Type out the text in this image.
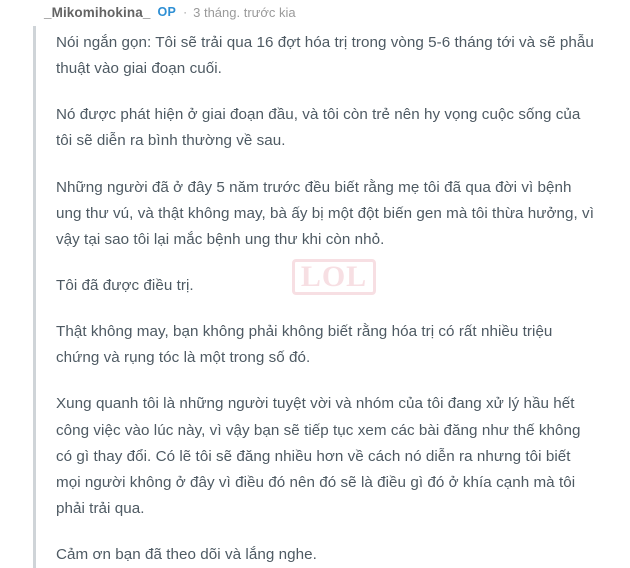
_Mikomihokina_ OP · 3 tháng. trước kia

Nói ngắn gọn: Tôi sẽ trải qua 16 đợt hóa trị trong vòng 5-6 tháng tới và sẽ phẫu thuật vào giai đoạn cuối.

Nó được phát hiện ở giai đoạn đầu, và tôi còn trẻ nên hy vọng cuộc sống của tôi sẽ diễn ra bình thường về sau.

Những người đã ở đây 5 năm trước đều biết rằng mẹ tôi đã qua đời vì bệnh ung thư vú, và thật không may, bà ấy bị một đột biến gen mà tôi thừa hưởng, vì vậy tại sao tôi lại mắc bệnh ung thư khi còn nhỏ.

Tôi đã được điều trị.

Thật không may, bạn không phải không biết rằng hóa trị có rất nhiều triệu chứng và rụng tóc là một trong số đó.

Xung quanh tôi là những người tuyệt vời và nhóm của tôi đang xử lý hầu hết công việc vào lúc này, vì vậy bạn sẽ tiếp tục xem các bài đăng như thế không có gì thay đổi. Có lẽ tôi sẽ đăng nhiều hơn về cách nó diễn ra nhưng tôi biết mọi người không ở đây vì điều đó nên đó sẽ là điều gì đó ở khía cạnh mà tôi phải trải qua.

Cảm ơn bạn đã theo dõi và lắng nghe.

LOL
